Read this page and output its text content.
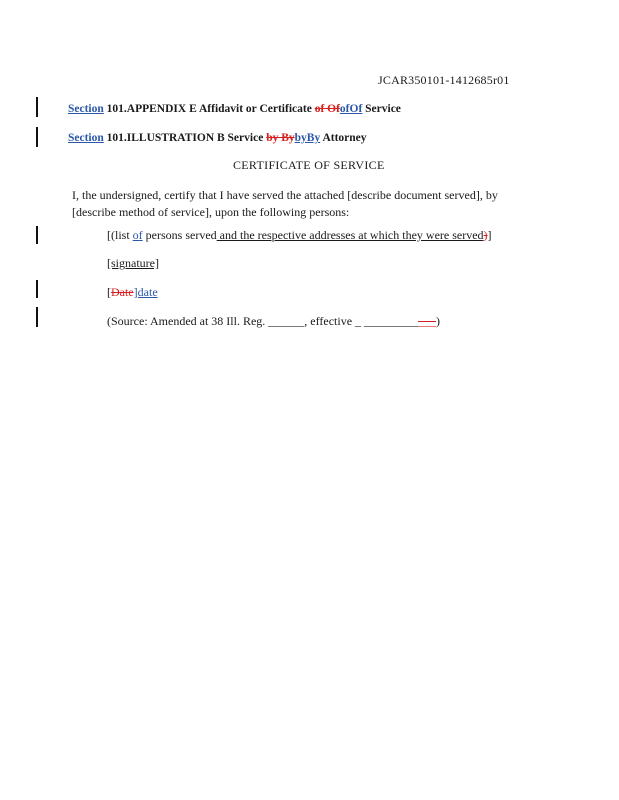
JCAR350101-1412685r01
Section 101.APPENDIX E Affidavit or Certificate of OfofOf Service
Section 101.ILLUSTRATION B Service by BybyBy Attorney
CERTIFICATE OF SERVICE
I, the undersigned, certify that I have served the attached [describe document served], by [describe method of service], upon the following persons:
[(list of persons served and the respective addresses at which they were served)]
[signature]
[Date]date
(Source: Amended at 38 Ill. Reg. ______, effective _ ____________)
